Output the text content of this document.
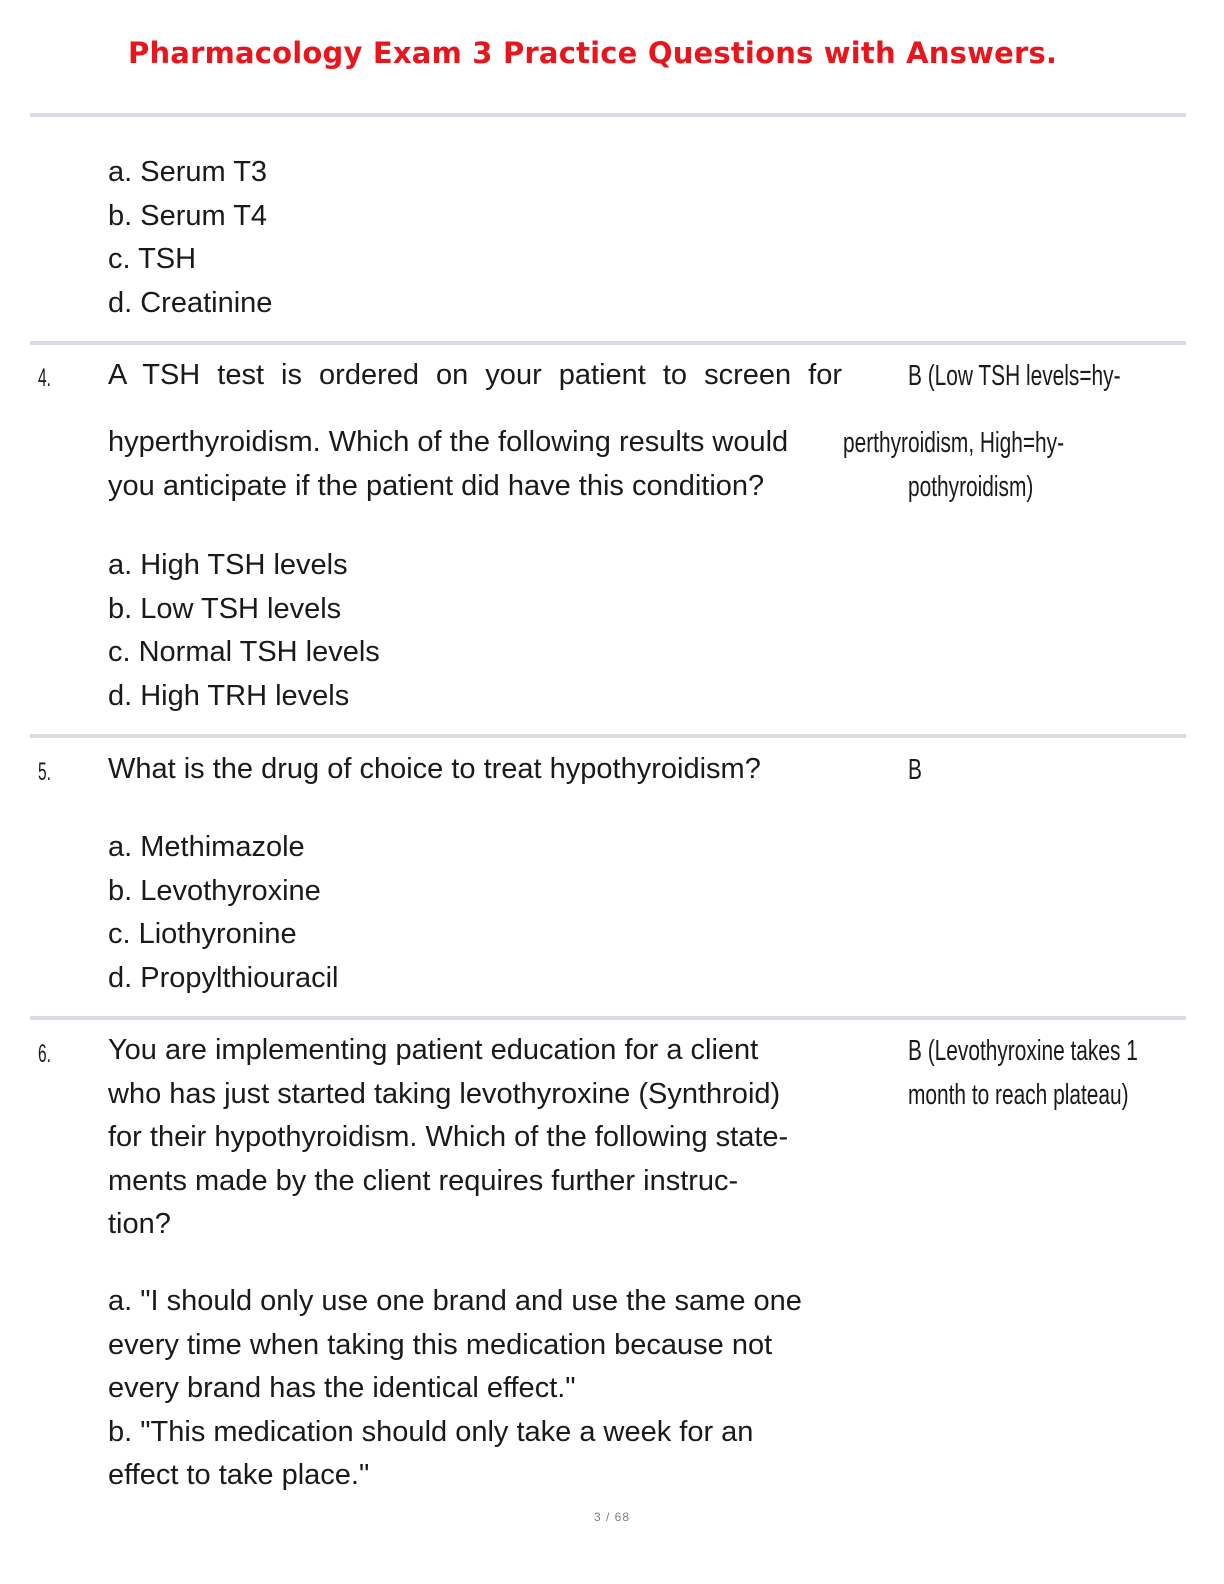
Pharmacology Exam 3 Practice Questions with Answers.
a. Serum T3
b. Serum T4
c. TSH
d. Creatinine
4. A TSH test is ordered on your patient to screen for
hyperthyroidism. Which of the following results would
you anticipate if the patient did have this condition?
B (Low TSH levels=hy-
perthyroidism, High=hy-
pothyroidism)
a. High TSH levels
b. Low TSH levels
c. Normal TSH levels
d. High TRH levels
5. What is the drug of choice to treat hypothyroidism?	B
a. Methimazole
b. Levothyroxine
c. Liothyronine
d. Propylthiouracil
6. You are implementing patient education for a client
who has just started taking levothyroxine (Synthroid)
for their hypothyroidism. Which of the following state-
ments made by the client requires further instruc-
tion?
B (Levothyroxine takes 1
month to reach plateau)
a. "I should only use one brand and use the same one
every time when taking this medication because not
every brand has the identical effect."
b. "This medication should only take a week for an
effect to take place."
3 / 68
